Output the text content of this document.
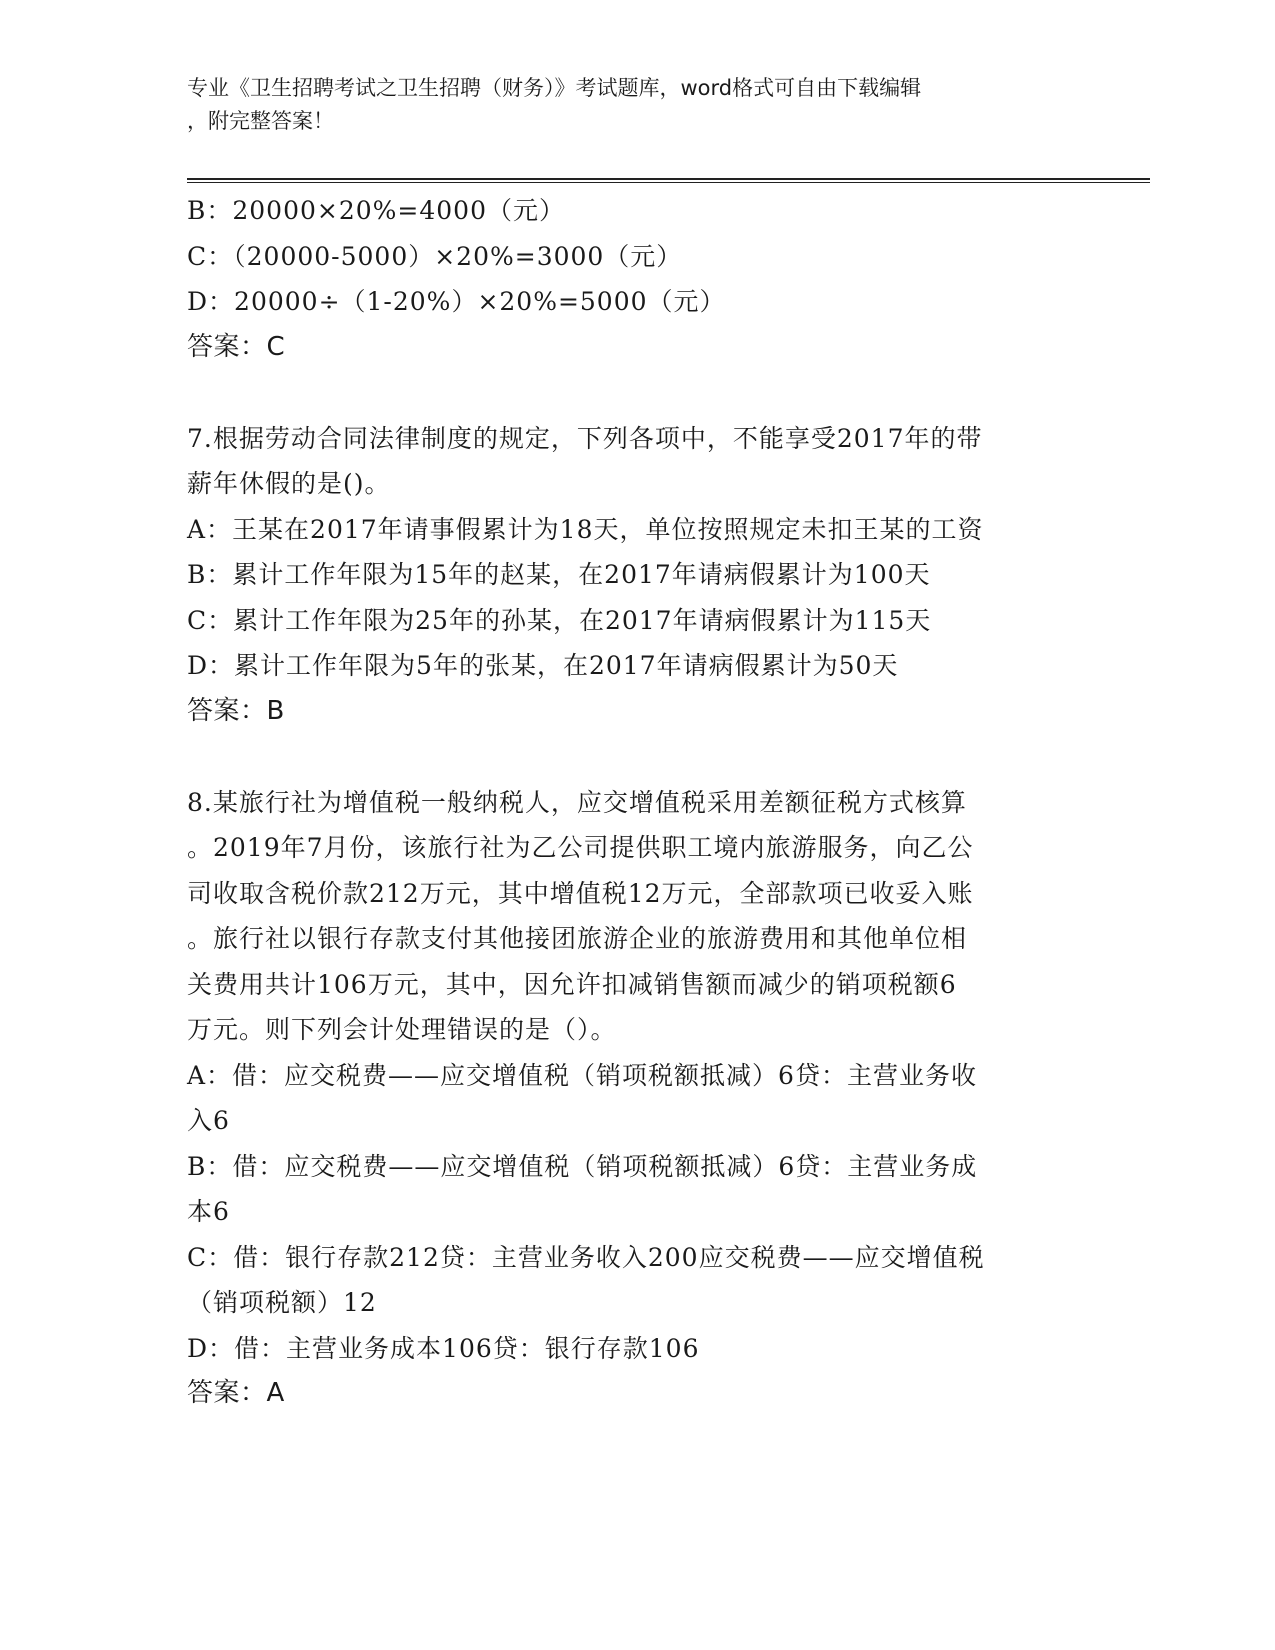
专业《卫生招聘考试之卫生招聘（财务）》考试题库，word格式可自由下载编辑
，附完整答案！
B：20000×20%=4000（元）
C：（20000-5000）×20%=3000（元）
D：20000÷（1-20%）×20%=5000（元）
答案：C
7.根据劳动合同法律制度的规定，下列各项中，不能享受2017年的带
薪年休假的是()。
A：王某在2017年请事假累计为18天，单位按照规定未扣王某的工资
B：累计工作年限为15年的赵某，在2017年请病假累计为100天
C：累计工作年限为25年的孙某，在2017年请病假累计为115天
D：累计工作年限为5年的张某，在2017年请病假累计为50天
答案：B
8.某旅行社为增值税一般纳税人，应交增值税采用差额征税方式核算
。2019年7月份，该旅行社为乙公司提供职工境内旅游服务，向乙公
司收取含税价款212万元，其中增值税12万元，全部款项已收妥入账
。旅行社以银行存款支付其他接团旅游企业的旅游费用和其他单位相
关费用共计106万元，其中，因允许扣减销售额而减少的销项税额6
万元。则下列会计处理错误的是（）。
A：借：应交税费——应交增值税（销项税额抵减）6贷：主营业务收
入6
B：借：应交税费——应交增值税（销项税额抵减）6贷：主营业务成
本6
C：借：银行存款212贷：主营业务收入200应交税费——应交增值税
（销项税额）12
D：借：主营业务成本106贷：银行存款106
答案：A
